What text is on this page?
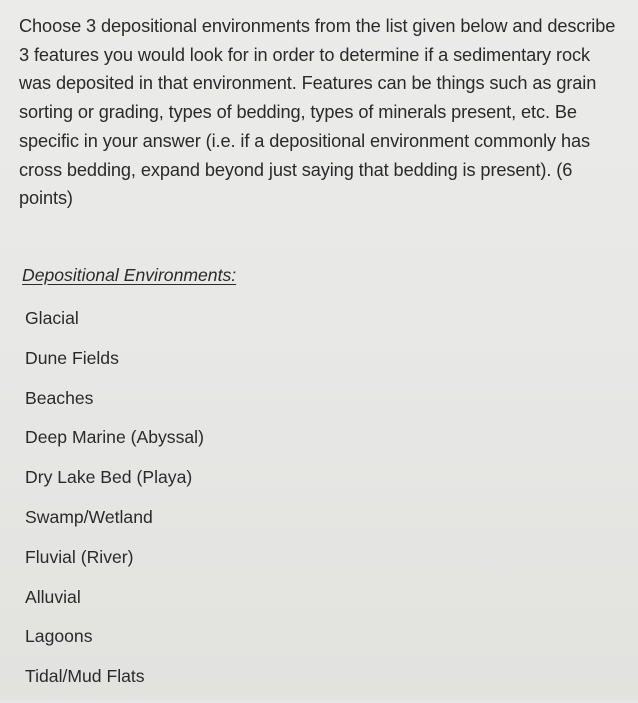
Choose 3 depositional environments from the list given below and describe 3 features you would look for in order to determine if a sedimentary rock was deposited in that environment. Features can be things such as grain sorting or grading, types of bedding, types of minerals present, etc. Be specific in your answer (i.e. if a depositional environment commonly has cross bedding, expand beyond just saying that bedding is present). (6 points)

Depositional Environments:

Glacial
Dune Fields
Beaches
Deep Marine (Abyssal)
Dry Lake Bed (Playa)
Swamp/Wetland
Fluvial (River)
Alluvial
Lagoons
Tidal/Mud Flats
